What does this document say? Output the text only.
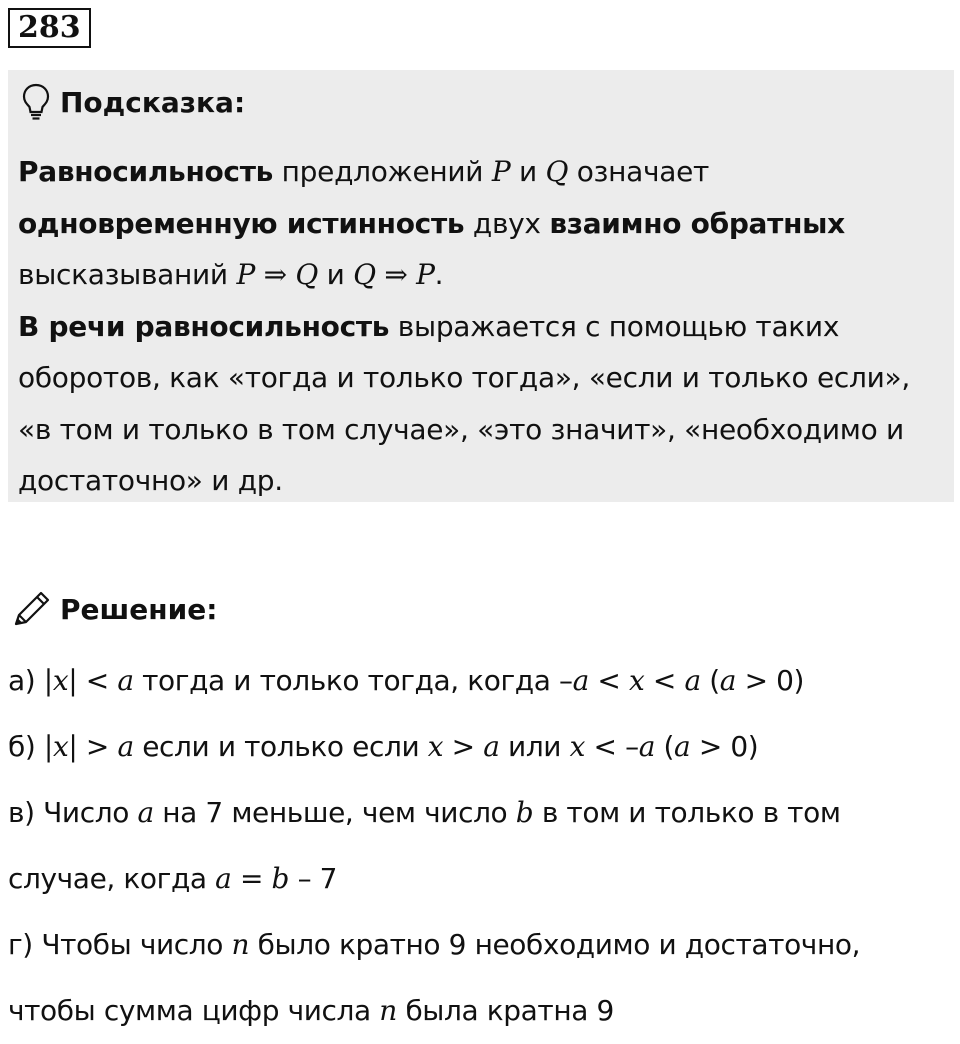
283
Подсказка:

Равносильность предложений P и Q означает одновременную истинность двух взаимно обратных высказываний P ⇒ Q и Q ⇒ P.

В речи равносильность выражается с помощью таких оборотов, как «тогда и только тогда», «если и только если», «в том и только в том случае», «это значит», «необходимо и достаточно» и др.

Решение:

а) |x| < a тогда и только тогда, когда –a < x < a (a > 0)

б) |x| > a если и только если x > a или x < –a (a > 0)

в) Число a на 7 меньше, чем число b в том и только в том

случае, когда a = b – 7

г) Чтобы число n было кратно 9 необходимо и достаточно,

чтобы сумма цифр числа n была кратна 9
